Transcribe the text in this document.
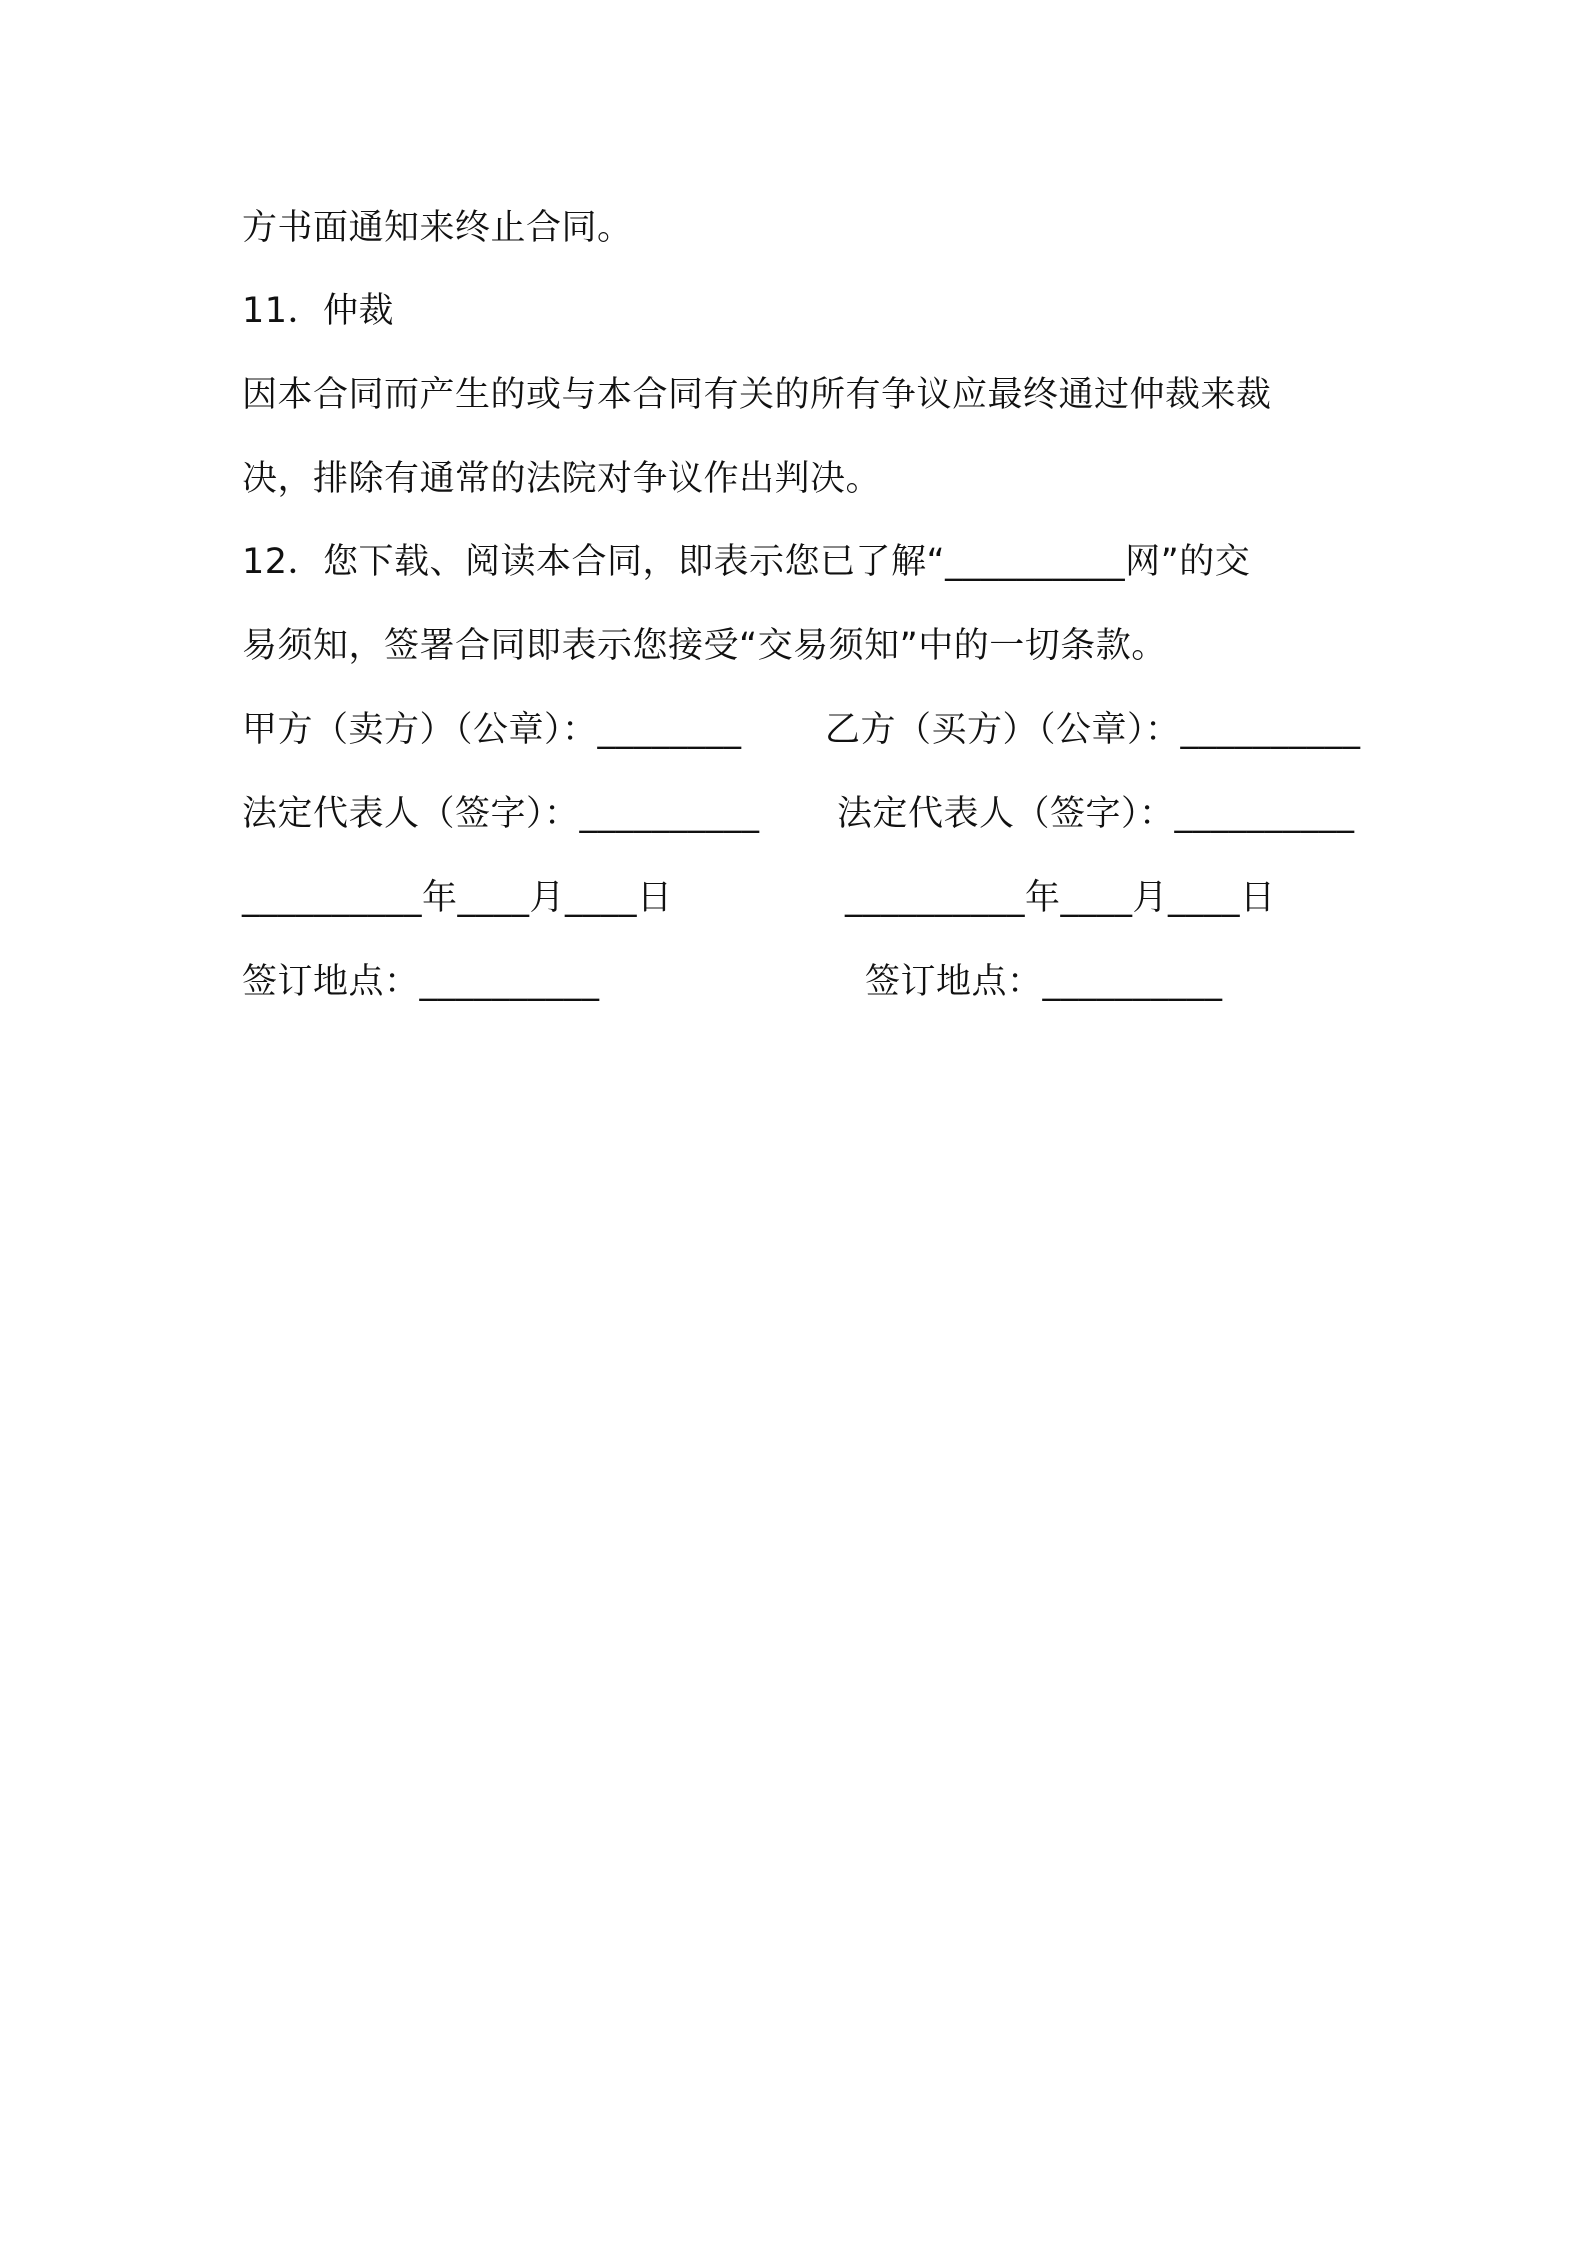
方书面通知来终止合同。
11．仲裁
因本合同而产生的或与本合同有关的所有争议应最终通过仲裁来裁
决，排除有通常的法院对争议作出判决。
12．您下载、阅读本合同，即表示您已了解“__________网”的交
易须知，签署合同即表示您接受“交易须知”中的一切条款。
甲方（卖方）（公章）：________
法定代表人（签字）：__________
__________年____月____日
签订地点：__________
乙方（买方）（公章）：__________
法定代表人（签字）：__________
__________年____月____日
签订地点：__________
